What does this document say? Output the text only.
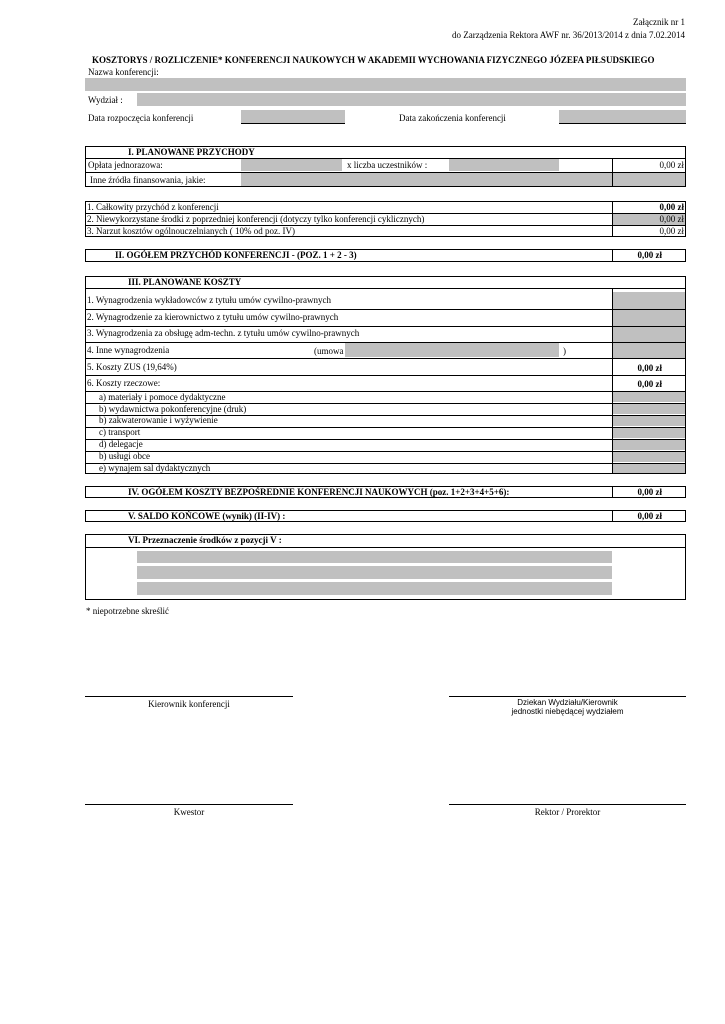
Załącznik nr 1
do Zarządzenia Rektora AWF nr. 36/2013/2014 z dnia 7.02.2014
KOSZTORYS / ROZLICZENIE* KONFERENCJI NAUKOWYCH W AKADEMII WYCHOWANIA FIZYCZNEGO JÓZEFA PIŁSUDSKIEGO
Nazwa konferencji:
Wydział :
Data rozpoczęcia konferencji	Data zakończenia konferencji
I. PLANOWANE PRZYCHODY
Opłata jednorazowa:	x liczba uczestników :	0,00 zł
Inne źródła finansowania, jakie:
1. Całkowity przychód z konferencji	0,00 zł
2. Niewykorzystane środki z poprzedniej konferencji (dotyczy tylko konferencji cyklicznych)	0,00 zł
3. Narzut kosztów ogólnouczelnianych ( 10% od poz. IV)	0,00 zł
II. OGÓŁEM PRZYCHÓD KONFERENCJI - (POZ. 1 + 2 - 3)	0,00 zł
III. PLANOWANE KOSZTY
1. Wynagrodzenia wykładowców z tytułu umów cywilno-prawnych
2. Wynagrodzenie za kierownictwo z tytułu umów cywilno-prawnych
3. Wynagrodzenia za obsługę adm-techn. z tytułu umów cywilno-prawnych
4. Inne wynagrodzenia	(umowa	)
5. Koszty ZUS (19,64%)	0,00 zł
6. Koszty rzeczowe:	0,00 zł
a) materiały i pomoce dydaktyczne
b) wydawnictwa pokonferencyjne (druk)
b) zakwaterowanie i wyżywienie
c) transport
d) delegacje
b) usługi obce
e) wynajem sal dydaktycznych
IV. OGÓŁEM KOSZTY BEZPOŚREDNIE KONFERENCJI NAUKOWYCH (poz. 1+2+3+4+5+6):	0,00 zł
V. SALDO KOŃCOWE (wynik) (II-IV) :	0,00 zł
VI. Przeznaczenie środków z pozycji V :
* niepotrzebne skreślić
Kierownik konferencji	Dziekan Wydziału/Kierownik
jednostki niebędącej wydziałem
Kwestor	Rektor / Prorektor
